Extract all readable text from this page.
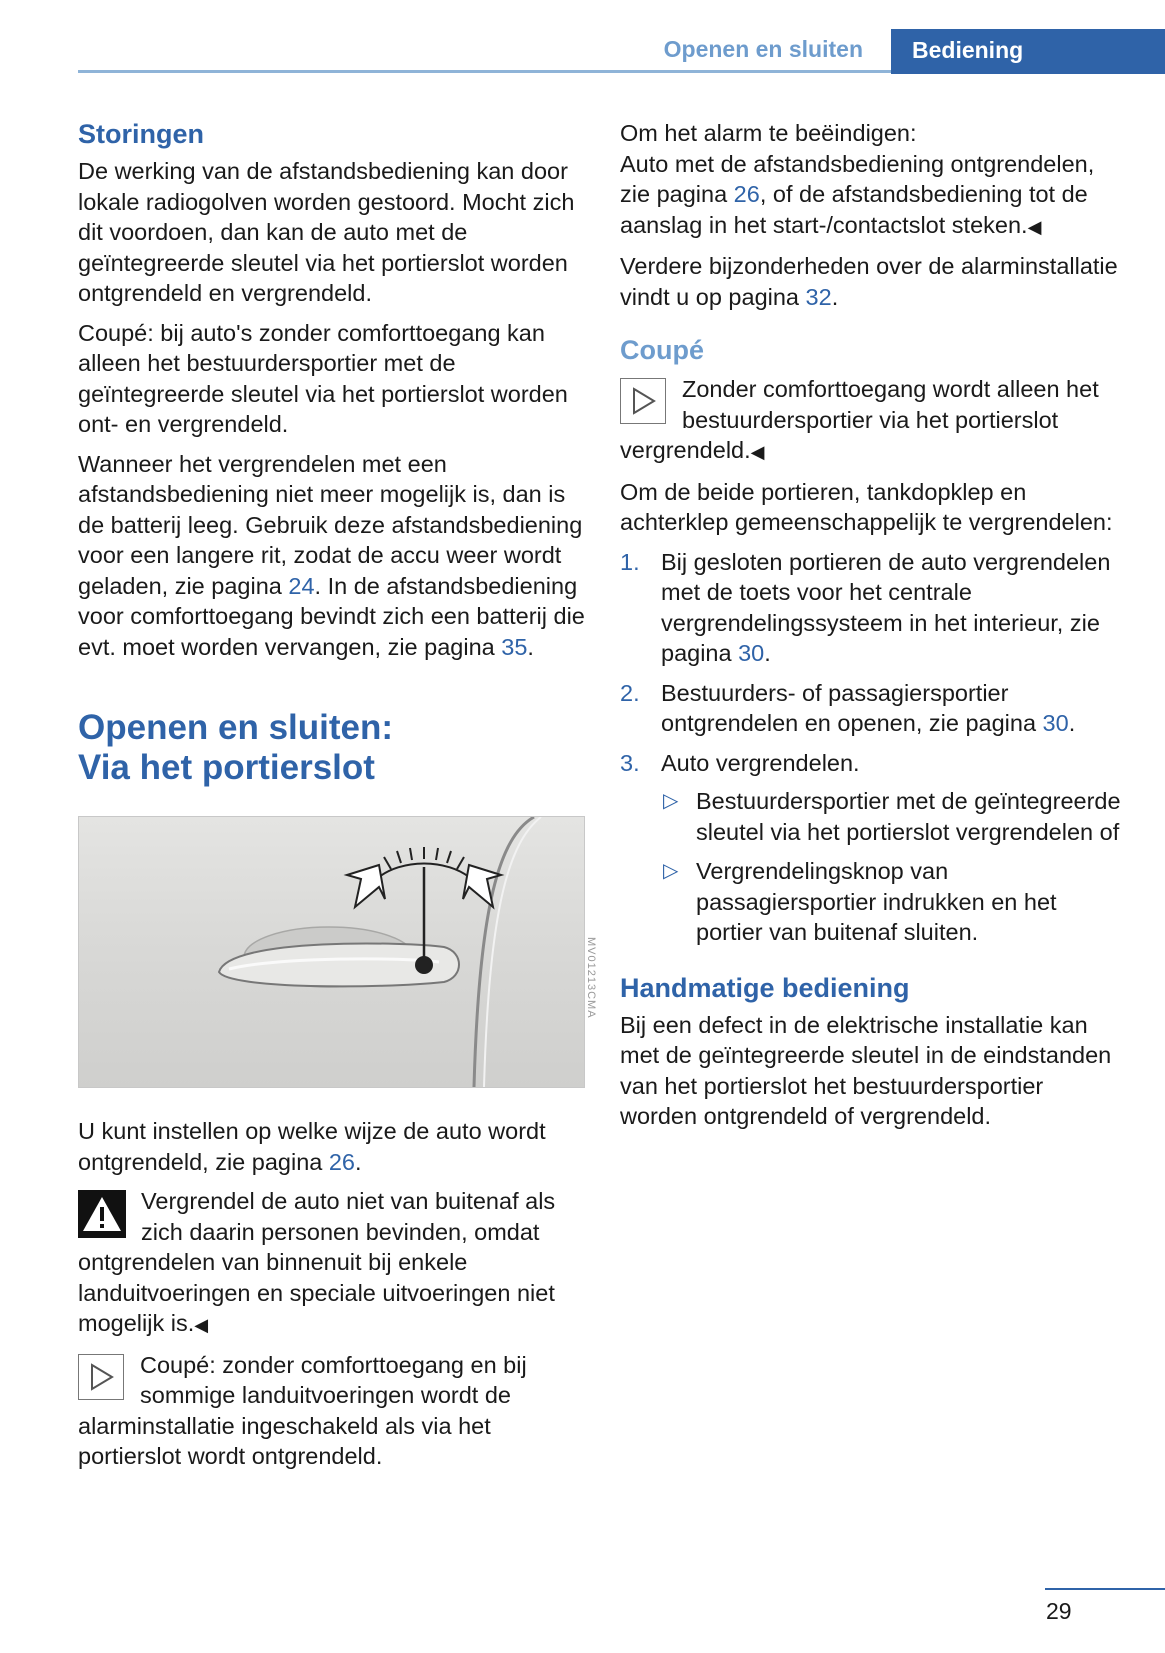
Openen en sluiten	Bediening
Storingen

De werking van de afstandsbediening kan door lokale radiogolven worden gestoord. Mocht zich dit voordoen, dan kan de auto met de geïntegreerde sleutel via het portierslot worden ontgrendeld en vergrendeld.

Coupé: bij auto's zonder comforttoegang kan alleen het bestuurdersportier met de geïntegreerde sleutel via het portierslot worden ont- en vergrendeld.

Wanneer het vergrendelen met een afstandsbediening niet meer mogelijk is, dan is de batterij leeg. Gebruik deze afstandsbediening voor een langere rit, zodat de accu weer wordt geladen, zie pagina 24. In de afstandsbediening voor comforttoegang bevindt zich een batterij die evt. moet worden vervangen, zie pagina 35.

Openen en sluiten:
Via het portierslot
MV01213CMA

U kunt instellen op welke wijze de auto wordt ontgrendeld, zie pagina 26.

Vergrendel de auto niet van buitenaf als zich daarin personen bevinden, omdat ontgrendelen van binnenuit bij enkele landuitvoeringen en speciale uitvoeringen niet mogelijk is.◀

Coupé: zonder comforttoegang en bij sommige landuitvoeringen wordt de alarminstallatie ingeschakeld als via het portierslot wordt ontgrendeld.

Om het alarm te beëindigen:

Auto met de afstandsbediening ontgrendelen, zie pagina 26, of de afstandsbediening tot de aanslag in het start-/contactslot steken.◀

Verdere bijzonderheden over de alarminstallatie vindt u op pagina 32.

Coupé

Zonder comforttoegang wordt alleen het bestuurdersportier via het portierslot vergrendeld.◀

Om de beide portieren, tankdopklep en achterklep gemeenschappelijk te vergrendelen:

1. Bij gesloten portieren de auto vergrendelen met de toets voor het centrale vergrendelingssysteem in het interieur, zie pagina 30.
2. Bestuurders- of passagiersportier ontgrendelen en openen, zie pagina 30.
3. Auto vergrendelen.
▷ Bestuurdersportier met de geïntegreerde sleutel via het portierslot vergrendelen of
▷ Vergrendelingsknop van passagiersportier indrukken en het portier van buitenaf sluiten.
Handmatige bediening

Bij een defect in de elektrische installatie kan met de geïntegreerde sleutel in de eindstanden van het portierslot het bestuurdersportier worden ontgrendeld of vergrendeld.

29
